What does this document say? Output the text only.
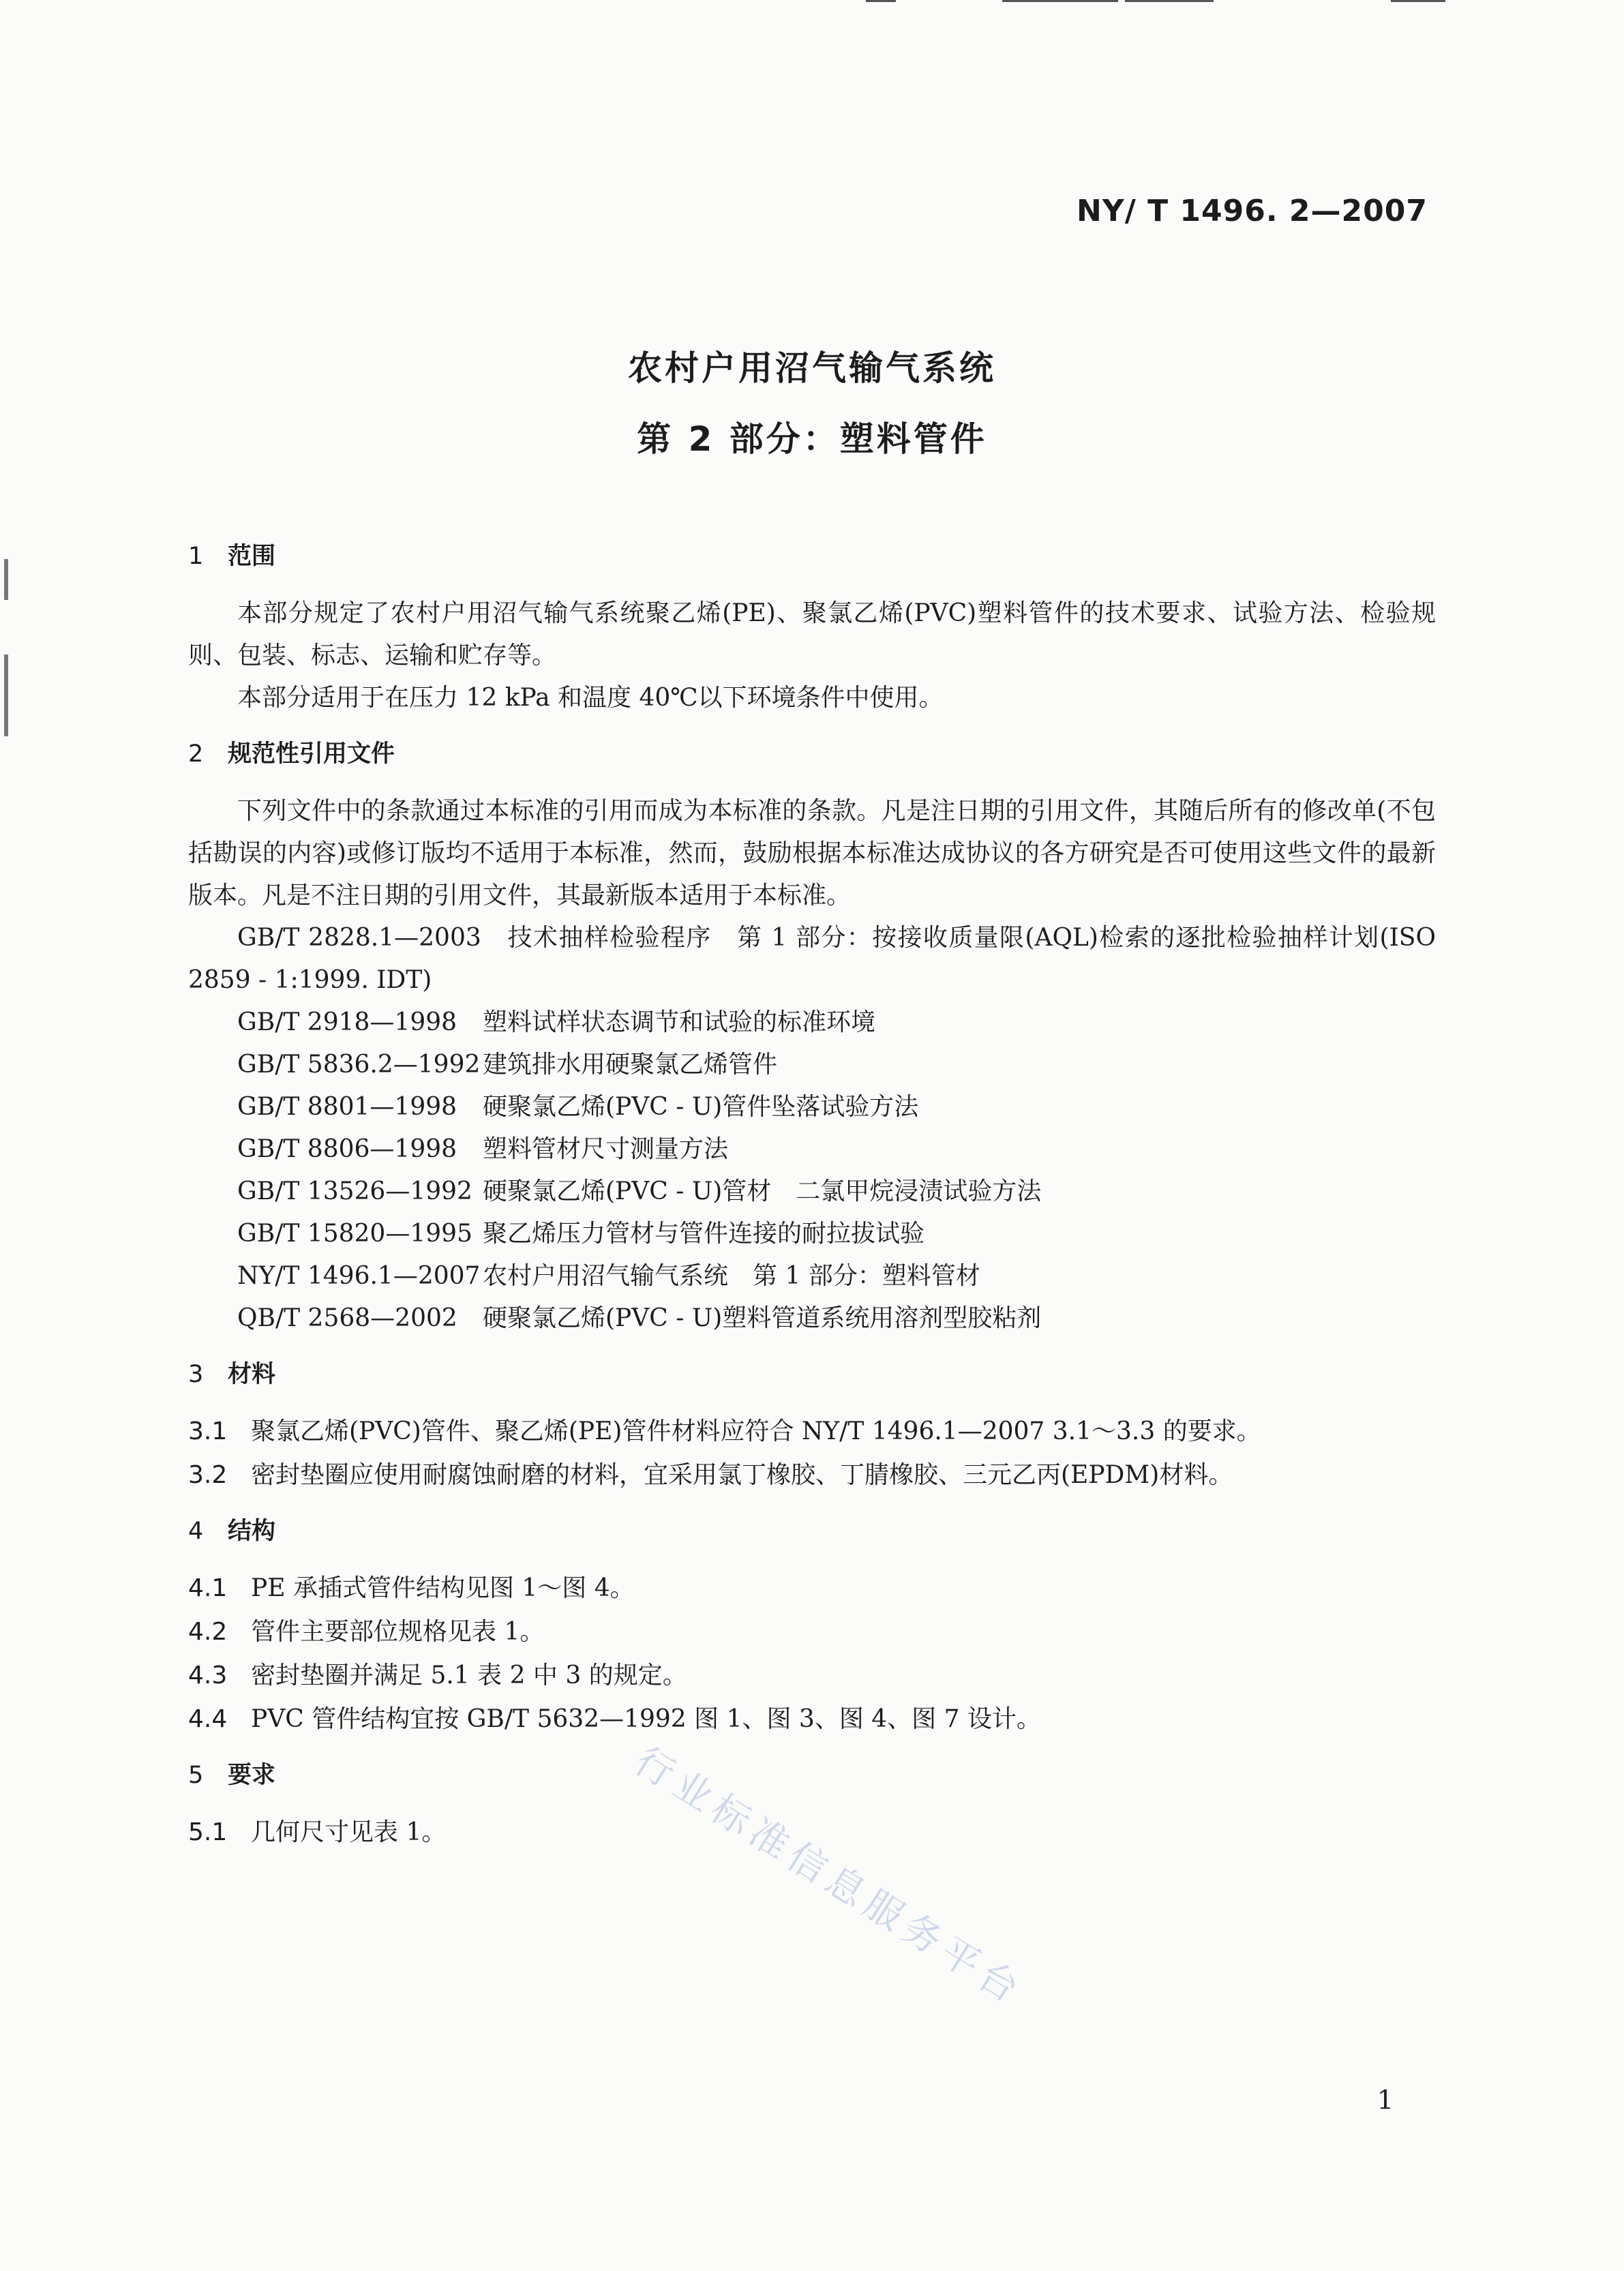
NY/ T 1496. 2—2007
农村户用沼气输气系统
第 2 部分：塑料管件
1 范围

本部分规定了农村户用沼气输气系统聚乙烯(PE)、聚氯乙烯(PVC)塑料管件的技术要求、试验方法、检验规则、包装、标志、运输和贮存等。

本部分适用于在压力 12 kPa 和温度 40℃以下环境条件中使用。

2 规范性引用文件

下列文件中的条款通过本标准的引用而成为本标准的条款。凡是注日期的引用文件，其随后所有的修改单(不包括勘误的内容)或修订版均不适用于本标准，然而，鼓励根据本标准达成协议的各方研究是否可使用这些文件的最新版本。凡是不注日期的引用文件，其最新版本适用于本标准。

GB/T 2828.1—2003　 技术抽样检验程序　第 1 部分：按接收质量限(AQL)检索的逐批检验抽样计划(ISO 2859 - 1:1999. IDT)

GB/T 2918—1998 塑料试样状态调节和试验的标准环境

GB/T 5836.2—1992 建筑排水用硬聚氯乙烯管件

GB/T 8801—1998 硬聚氯乙烯(PVC - U)管件坠落试验方法

GB/T 8806—1998 塑料管材尺寸测量方法

GB/T 13526—1992 硬聚氯乙烯(PVC - U)管材　二氯甲烷浸渍试验方法

GB/T 15820—1995 聚乙烯压力管材与管件连接的耐拉拔试验

NY/T 1496.1—2007农村户用沼气输气系统　第 1 部分：塑料管材

QB/T 2568—2002 硬聚氯乙烯(PVC - U)塑料管道系统用溶剂型胶粘剂

3 材料
3.1 聚氯乙烯(PVC)管件、聚乙烯(PE)管件材料应符合 NY/T 1496.1—2007 3.1～3.3 的要求。
3.2 密封垫圈应使用耐腐蚀耐磨的材料，宜采用氯丁橡胶、丁腈橡胶、三元乙丙(EPDM)材料。
4 结构
4.1 PE 承插式管件结构见图 1～图 4。
4.2 管件主要部位规格见表 1。
4.3 密封垫圈并满足 5.1 表 2 中 3 的规定。
4.4 PVC 管件结构宜按 GB/T 5632—1992 图 1、图 3、图 4、图 7 设计。
5 要求
5.1 几何尺寸见表 1。	行业标准信息服务平台
1
